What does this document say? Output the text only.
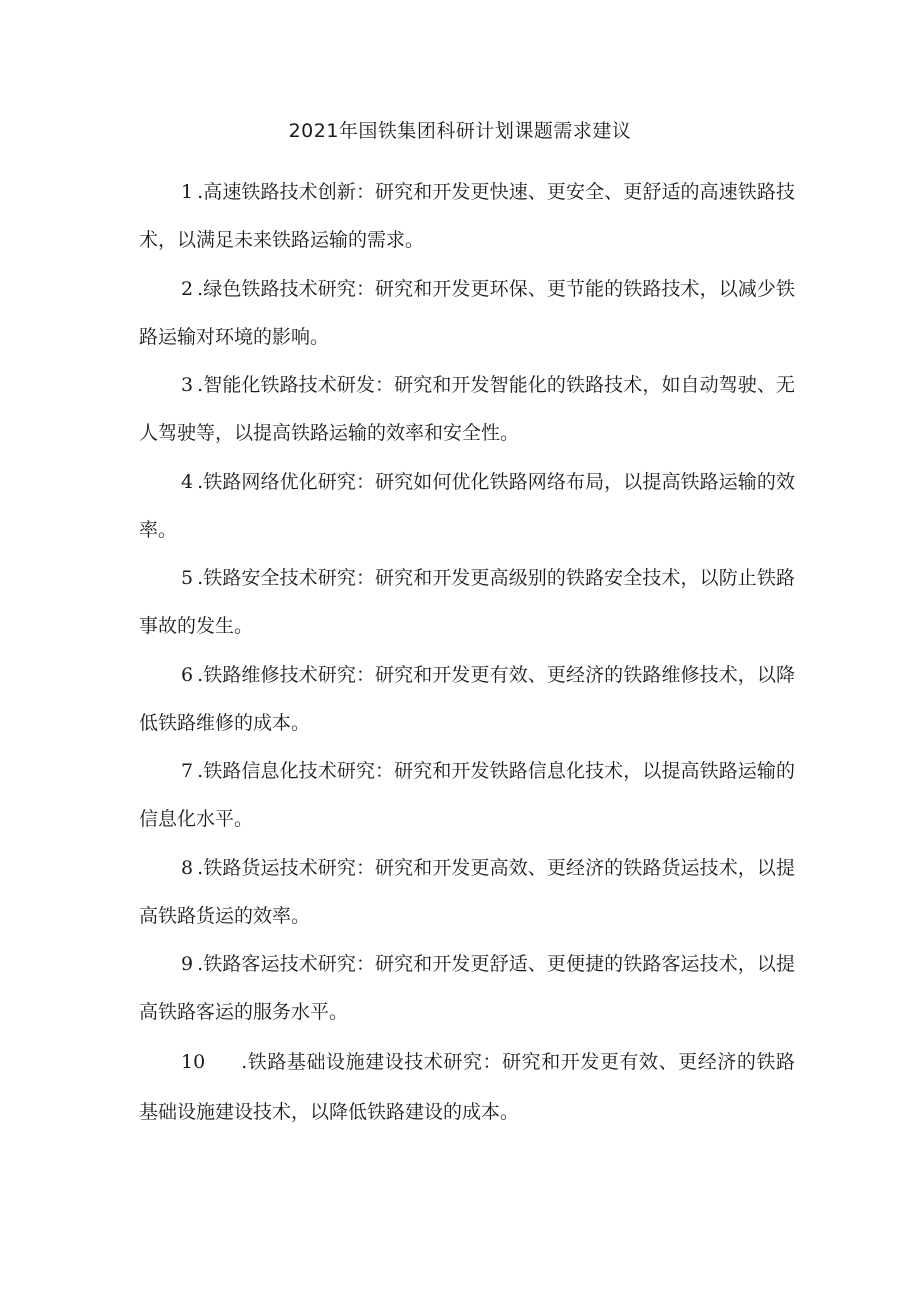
2021年国铁集团科研计划课题需求建议
1 .高速铁路技术创新：研究和开发更快速、更安全、更舒适的高速铁路技术，以满足未来铁路运输的需求。
2 .绿色铁路技术研究：研究和开发更环保、更节能的铁路技术，以减少铁路运输对环境的影响。
3 .智能化铁路技术研发：研究和开发智能化的铁路技术，如自动驾驶、无人驾驶等，以提高铁路运输的效率和安全性。
4 .铁路网络优化研究：研究如何优化铁路网络布局，以提高铁路运输的效率。
5 .铁路安全技术研究：研究和开发更高级别的铁路安全技术，以防止铁路事故的发生。
6 .铁路维修技术研究：研究和开发更有效、更经济的铁路维修技术，以降低铁路维修的成本。
7 .铁路信息化技术研究：研究和开发铁路信息化技术，以提高铁路运输的信息化水平。
8 .铁路货运技术研究：研究和开发更高效、更经济的铁路货运技术，以提高铁路货运的效率。
9 .铁路客运技术研究：研究和开发更舒适、更便捷的铁路客运技术，以提高铁路客运的服务水平。
10 .铁路基础设施建设技术研究：研究和开发更有效、更经济的铁路基础设施建设技术，以降低铁路建设的成本。
